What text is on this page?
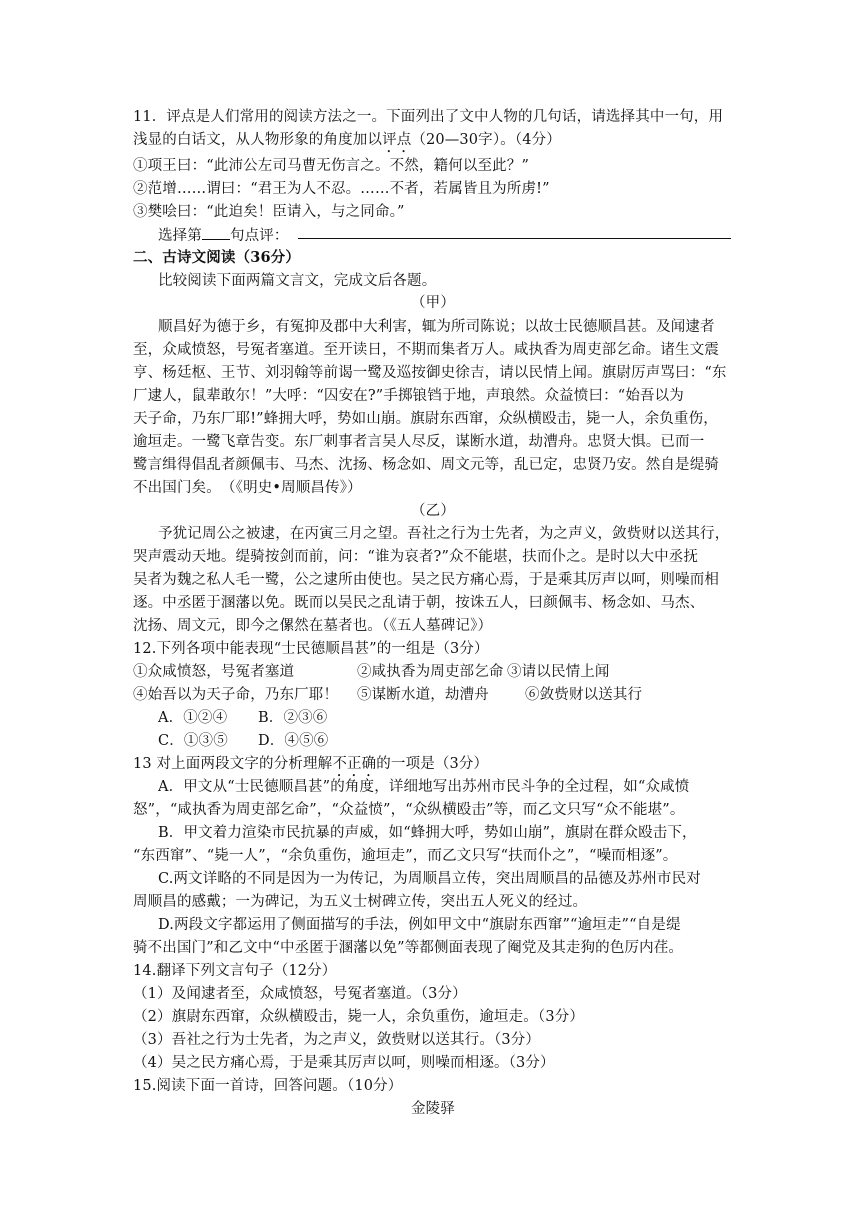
11．评点是人们常用的阅读方法之一。下面列出了文中人物的几句话，请选择其中一句，用
浅显的白话文，从人物形象的角度加以评点（20—30字）。（4分）
①项王曰：“此沛公左司马曹无伤言之。不然，籍何以至此？”
②范增……谓曰：“君王为人不忍。……不者，若属皆且为所虏!”
③樊哙曰：“此迫矣！臣请入，与之同命。”
选择第 句点评：
二、古诗文阅读（36分）
比较阅读下面两篇文言文，完成文后各题。
（甲）
顺昌好为德于乡，有冤抑及郡中大利害，辄为所司陈说；以故士民德顺昌甚。及闻逮者
至，众咸愤怒，号冤者塞道。至开读日，不期而集者万人。咸执香为周吏部乞命。诸生文震
亨、杨廷枢、王节、刘羽翰等前谒一鹭及巡按御史徐吉，请以民情上闻。旗尉厉声骂曰：“东
厂逮人，鼠辈敢尔！”大呼：“囚安在?”手掷锒铛于地，声琅然。众益愤曰：“始吾以为
天子命，乃东厂耶!”蜂拥大呼，势如山崩。旗尉东西窜，众纵横殴击，毙一人，余负重伤，
逾垣走。一鹭飞章告变。东厂刺事者言吴人尽反，谋断水道，劫漕舟。忠贤大惧。已而一
鹭言缉得倡乱者颜佩韦、马杰、沈扬、杨念如、周文元等，乱已定，忠贤乃安。然自是缇骑
不出国门矣。　（《明史•周顺昌传》）
（乙）
予犹记周公之被逮，在丙寅三月之望。吾社之行为士先者，为之声义，敛赀财以送其行，
哭声震动天地。缇骑按剑而前，问：“谁为哀者?”众不能堪，扶而仆之。是时以大中丞抚
吴者为魏之私人毛一鹭，公之逮所由使也。吴之民方痛心焉，于是乘其厉声以呵，则噪而相
逐。中丞匿于溷藩以免。既而以吴民之乱请于朝，按诛五人，曰颜佩韦、杨念如、马杰、
沈扬、周文元，即今之傫然在墓者也。（《五人墓碑记》）
12.下列各项中能表现“士民德顺昌甚”的一组是（3分）
①众咸愤怒，号冤者塞道	②咸执香为周吏部乞命 ③请以民情上闻
④始吾以为天子命，乃东厂耶！ ⑤谋断水道，劫漕舟 ⑥敛赀财以送其行
A．①②④ B．②③⑥
C．①③⑤ D．④⑤⑥
13 对上面两段文字的分析理解不正确的一项是（3分）
A．甲文从“士民德顺昌甚”的角度，详细地写出苏州市民斗争的全过程，如“众咸愤
怒”，“咸执香为周吏部乞命”，“众益愤”，“众纵横殴击”等，而乙文只写“众不能堪”。
B．甲文着力渲染市民抗暴的声威，如“蜂拥大呼，势如山崩”，旗尉在群众殴击下，
“东西窜”、“毙一人”，“余负重伤，逾垣走”，而乙文只写“扶而仆之”，“噪而相逐”。
C.两文详略的不同是因为一为传记，为周顺昌立传，突出周顺昌的品德及苏州市民对
周顺昌的感戴；一为碑记，为五义士树碑立传，突出五人死义的经过。
D.两段文字都运用了侧面描写的手法，例如甲文中“旗尉东西窜”“逾垣走”“自是缇
骑不出国门”和乙文中“中丞匿于溷藩以免”等都侧面表现了阉党及其走狗的色厉内荏。
14.翻译下列文言句子（12分）
（1）及闻逮者至，众咸愤怒，号冤者塞道。（3分）
（2）旗尉东西窜，众纵横殴击，毙一人，余负重伤，逾垣走。（3分）
（3）吾社之行为士先者，为之声义，敛赀财以送其行。（3分）
（4）吴之民方痛心焉，于是乘其厉声以呵，则噪而相逐。（3分）
15.阅读下面一首诗，回答问题。（10分）
金陵驿
